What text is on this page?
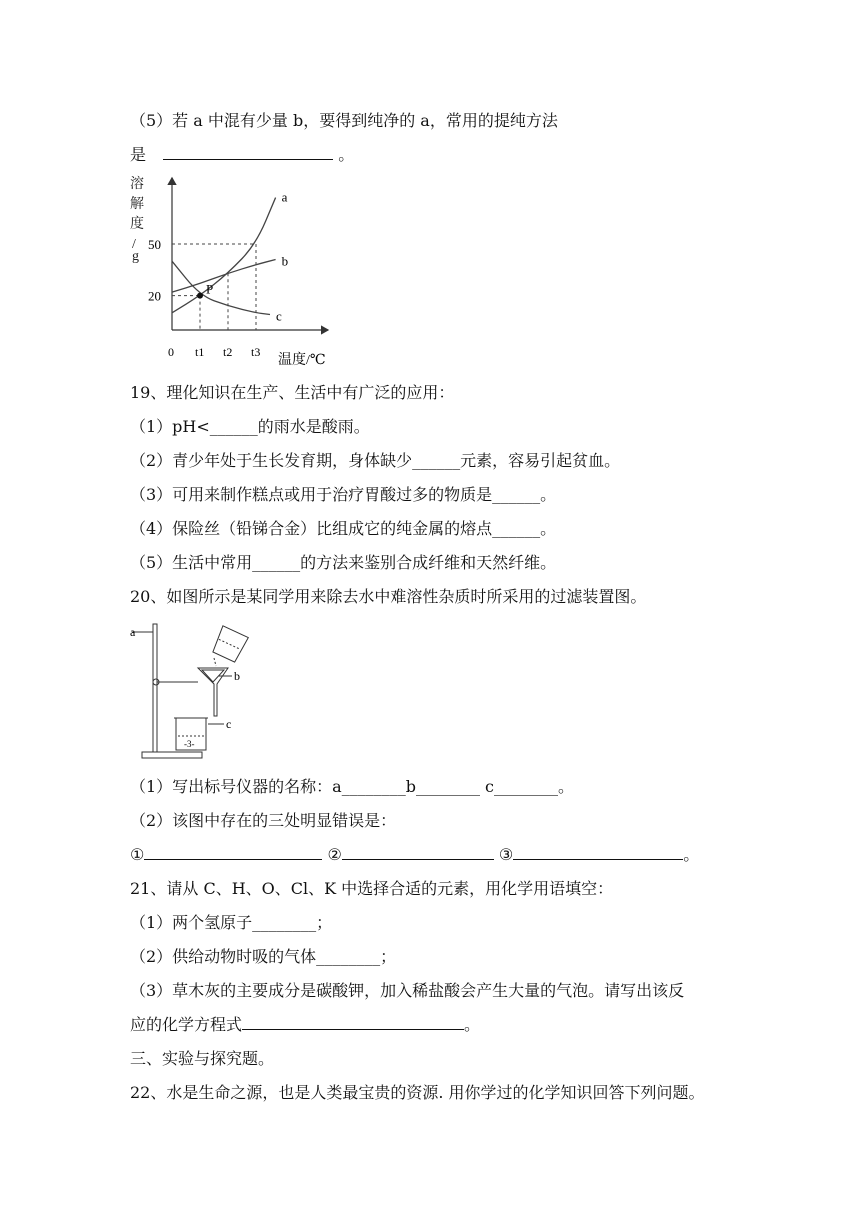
（5）若 a 中混有少量 b，要得到纯净的 a，常用的提纯方法
是	。
溶解度/ g
a
b
c
0 t1 t2 t3
20
50
P
温度/℃
19、理化知识在生产、生活中有广泛的应用：
（1）pH<______的雨水是酸雨。
（2）青少年处于生长发育期，身体缺少______元素，容易引起贫血。
（3）可用来制作糕点或用于治疗胃酸过多的物质是______。
（4）保险丝（铅锑合金）比组成它的纯金属的熔点______。
（5）生活中常用______的方法来鉴别合成纤维和天然纤维。
20、如图所示是某同学用来除去水中难溶性杂质时所采用的过滤装置图。
a
b
c
-3-
（1）写出标号仪器的名称：a________b________ c________。
（2）该图中存在的三处明显错误是：
①	②	③	。
21、请从 C、H、O、Cl、K 中选择合适的元素，用化学用语填空：
（1）两个氢原子________；
（2）供给动物时吸的气体________；
（3）草木灰的主要成分是碳酸钾，加入稀盐酸会产生大量的气泡。请写出该反
应的化学方程式	。
三、实验与探究题。
22、水是生命之源，也是人类最宝贵的资源. 用你学过的化学知识回答下列问题。
